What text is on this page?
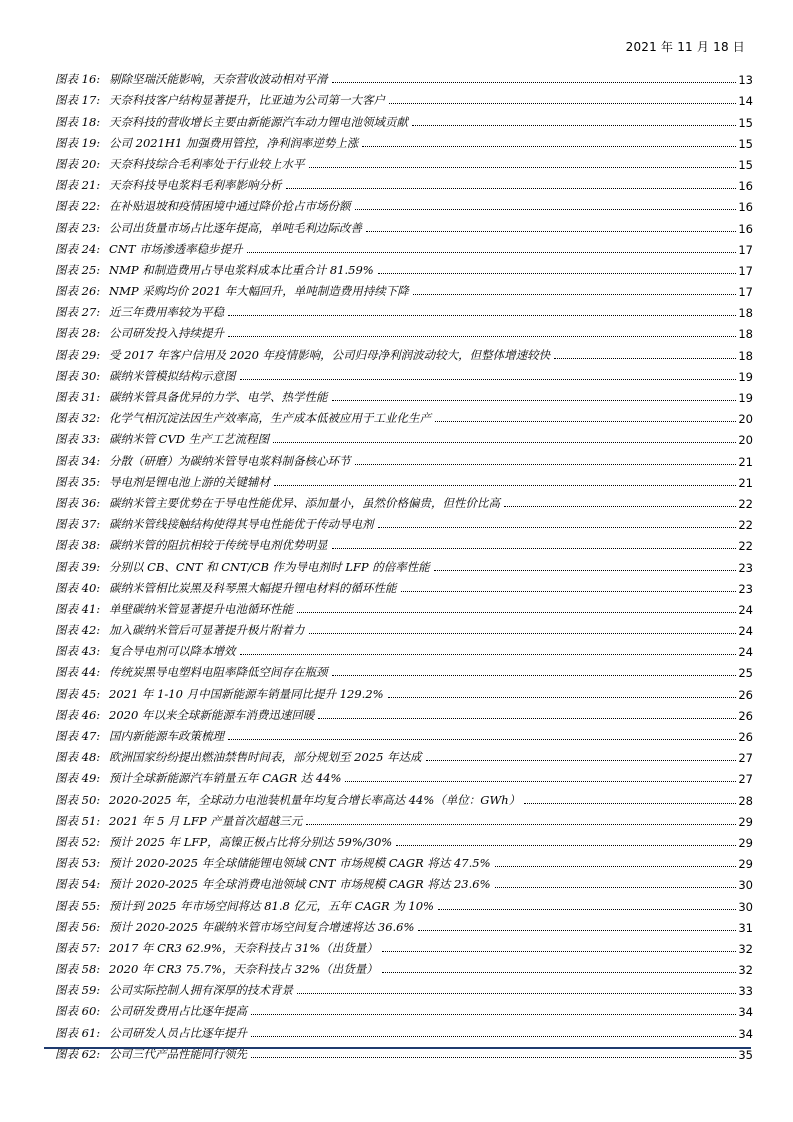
2021 年 11 月 18 日
图表 16: 剔除坚瑞沃能影响，天奈营收波动相对平滑	13
图表 17: 天奈科技客户结构显著提升，比亚迪为公司第一大客户	14
图表 18: 天奈科技的营收增长主要由新能源汽车动力锂电池领域贡献	15
图表 19: 公司 2021H1 加强费用管控，净利润率逆势上涨	15
图表 20: 天奈科技综合毛利率处于行业较上水平	15
图表 21: 天奈科技导电浆料毛利率影响分析	16
图表 22: 在补贴退坡和疫情困境中通过降价抢占市场份额	16
图表 23: 公司出货量市场占比逐年提高，单吨毛利边际改善	16
图表 24: CNT 市场渗透率稳步提升	17
图表 25: NMP 和制造费用占导电浆料成本比重合计 81.59%	17
图表 26: NMP 采购均价 2021 年大幅回升，单吨制造费用持续下降	17
图表 27: 近三年费用率较为平稳	18
图表 28: 公司研发投入持续提升	18
图表 29: 受 2017 年客户信用及 2020 年疫情影响，公司归母净利润波动较大，但整体增速较快	18
图表 30: 碳纳米管模拟结构示意图	19
图表 31: 碳纳米管具备优异的力学、电学、热学性能	19
图表 32: 化学气相沉淀法因生产效率高，生产成本低被应用于工业化生产	20
图表 33: 碳纳米管 CVD 生产工艺流程图	20
图表 34: 分散（研磨）为碳纳米管导电浆料制备核心环节	21
图表 35: 导电剂是锂电池上游的关键辅材	21
图表 36: 碳纳米管主要优势在于导电性能优异、添加量小，虽然价格偏贵，但性价比高	22
图表 37: 碳纳米管线接触结构使得其导电性能优于传动导电剂	22
图表 38: 碳纳米管的阻抗相较于传统导电剂优势明显	22
图表 39: 分别以 CB、CNT 和 CNT/CB 作为导电剂时 LFP 的倍率性能	23
图表 40: 碳纳米管相比炭黑及科琴黑大幅提升锂电材料的循环性能	23
图表 41: 单壁碳纳米管显著提升电池循环性能	24
图表 42: 加入碳纳米管后可显著提升极片附着力	24
图表 43: 复合导电剂可以降本增效	24
图表 44: 传统炭黑导电塑料电阻率降低空间存在瓶颈	25
图表 45: 2021 年 1-10 月中国新能源车销量同比提升 129.2%	26
图表 46: 2020 年以来全球新能源车消费迅速回暖	26
图表 47: 国内新能源车政策梳理	26
图表 48: 欧洲国家纷纷提出燃油禁售时间表，部分规划至 2025 年达成	27
图表 49: 预计全球新能源汽车销量五年 CAGR 达 44%	27
图表 50: 2020-2025 年，全球动力电池装机量年均复合增长率高达 44%（单位：GWh）	28
图表 51: 2021 年 5 月 LFP 产量首次超越三元	29
图表 52: 预计 2025 年 LFP，高镍正极占比将分别达 59%/30%	29
图表 53: 预计 2020-2025 年全球储能锂电领域 CNT 市场规模 CAGR 将达 47.5%	29
图表 54: 预计 2020-2025 年全球消费电池领域 CNT 市场规模 CAGR 将达 23.6%	30
图表 55: 预计到 2025 年市场空间将达 81.8 亿元，五年 CAGR 为 10%	30
图表 56: 预计 2020-2025 年碳纳米管市场空间复合增速将达 36.6%	31
图表 57: 2017 年 CR3 62.9%，天奈科技占 31%（出货量）	32
图表 58: 2020 年 CR3 75.7%，天奈科技占 32%（出货量）	32
图表 59: 公司实际控制人拥有深厚的技术背景	33
图表 60: 公司研发费用占比逐年提高	34
图表 61: 公司研发人员占比逐年提升	34
图表 62: 公司三代产品性能同行领先	35
